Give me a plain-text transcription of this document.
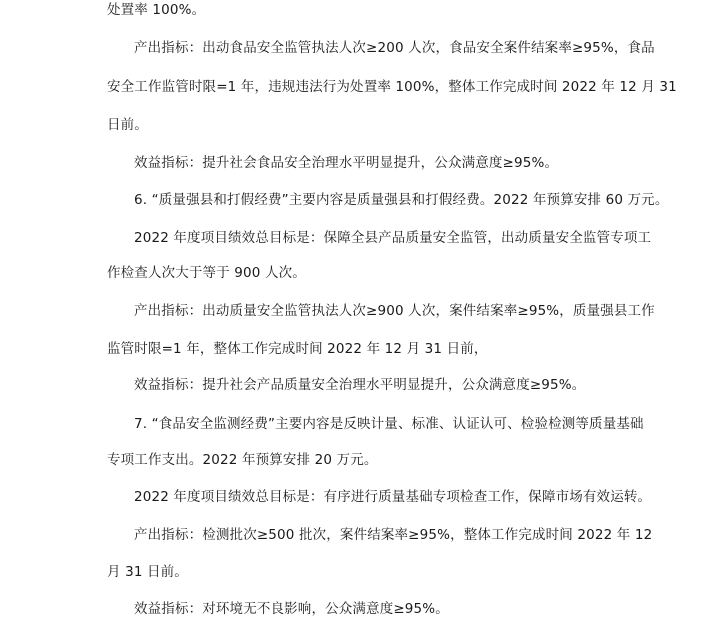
处置率 100%。
产出指标：出动食品安全监管执法人次≥200 人次，食品安全案件结案率≥95%，食品
安全工作监管时限=1 年，违规违法行为处置率 100%，整体工作完成时间 2022 年 12 月 31
日前。
效益指标：提升社会食品安全治理水平明显提升，公众满意度≥95%。
6. “质量强县和打假经费”主要内容是质量强县和打假经费。2022 年预算安排 60 万元。
2022 年度项目绩效总目标是：保障全县产品质量安全监管，出动质量安全监管专项工
作检查人次大于等于 900 人次。
产出指标：出动质量安全监管执法人次≥900 人次，案件结案率≥95%，质量强县工作
监管时限=1 年，整体工作完成时间 2022 年 12 月 31 日前，
效益指标：提升社会产品质量安全治理水平明显提升，公众满意度≥95%。
7. “食品安全监测经费”主要内容是反映计量、标准、认证认可、检验检测等质量基础
专项工作支出。2022 年预算安排 20 万元。
2022 年度项目绩效总目标是：有序进行质量基础专项检查工作，保障市场有效运转。
产出指标：检测批次≥500 批次，案件结案率≥95%，整体工作完成时间 2022 年 12
月 31 日前。
效益指标：对环境无不良影响，公众满意度≥95%。
